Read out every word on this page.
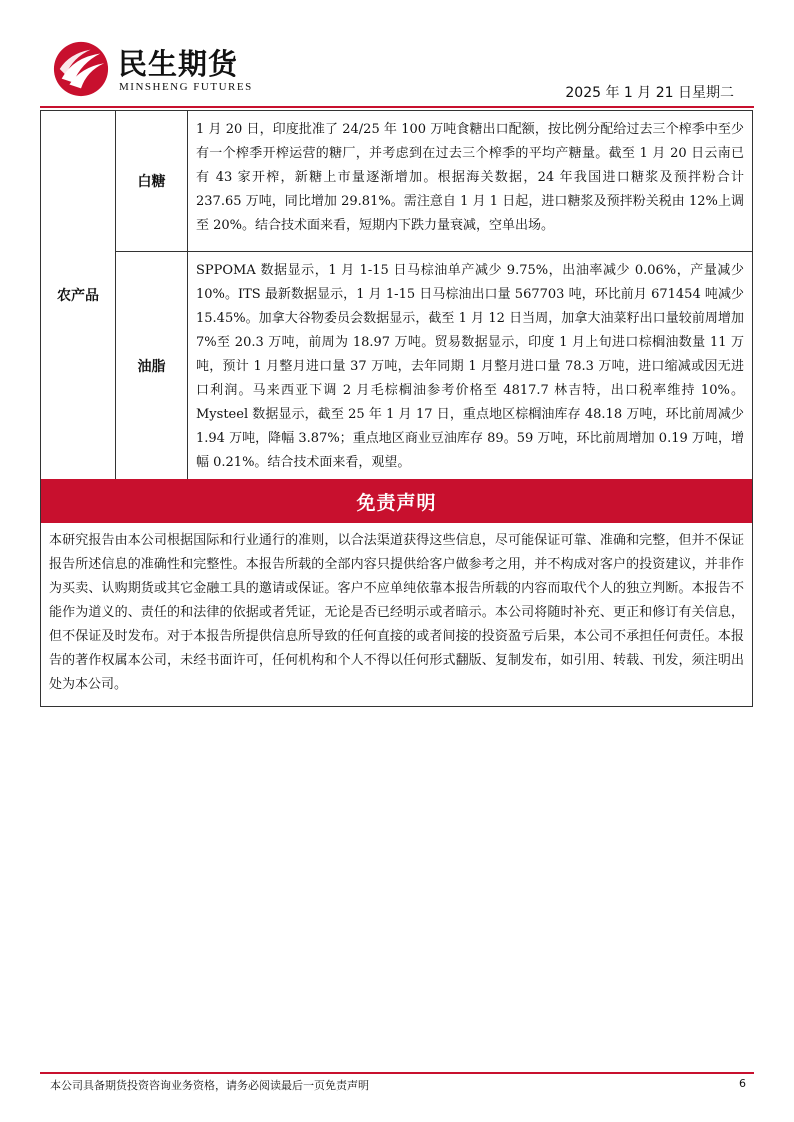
民生期货
MINSHENG FUTURES	2025 年 1 月 21 日星期二
农产品
白糖
1 月 20 日，印度批准了 24/25 年 100 万吨食糖出口配额，按比例分配给过去三个榨季中至少有一个榨季开榨运营的糖厂，并考虑到在过去三个榨季的平均产糖量。截至 1 月 20 日云南已有 43 家开榨，新糖上市量逐渐增加。根据海关数据，24 年我国进口糖浆及预拌粉合计 237.65 万吨，同比增加 29.81%。需注意自 1 月 1 日起，进口糖浆及预拌粉关税由 12%上调至 20%。结合技术面来看，短期内下跌力量衰减，空单出场。
油脂
SPPOMA 数据显示，1 月 1-15 日马棕油单产减少 9.75%，出油率减少 0.06%，产量减少 10%。ITS 最新数据显示，1 月 1-15 日马棕油出口量 567703 吨，环比前月 671454 吨减少 15.45%。加拿大谷物委员会数据显示，截至 1 月 12 日当周，加拿大油菜籽出口量较前周增加 7%至 20.3 万吨，前周为 18.97 万吨。贸易数据显示，印度 1 月上旬进口棕榈油数量 11 万吨，预计 1 月整月进口量 37 万吨，去年同期 1 月整月进口量 78.3 万吨，进口缩减或因无进口利润。马来西亚下调 2 月毛棕榈油参考价格至 4817.7 林吉特，出口税率维持 10%。Mysteel 数据显示，截至 25 年 1 月 17 日，重点地区棕榈油库存 48.18 万吨，环比前周减少 1.94 万吨，降幅 3.87%；重点地区商业豆油库存 89。59 万吨，环比前周增加 0.19 万吨，增幅 0.21%。结合技术面来看，观望。
免责声明
本研究报告由本公司根据国际和行业通行的准则，以合法渠道获得这些信息，尽可能保证可靠、准确和完整，但并不保证报告所述信息的准确性和完整性。本报告所载的全部内容只提供给客户做参考之用，并不构成对客户的投资建议，并非作为买卖、认购期货或其它金融工具的邀请或保证。客户不应单纯依靠本报告所载的内容而取代个人的独立判断。本报告不能作为道义的、责任的和法律的依据或者凭证，无论是否已经明示或者暗示。本公司将随时补充、更正和修订有关信息，但不保证及时发布。对于本报告所提供信息所导致的任何直接的或者间接的投资盈亏后果，本公司不承担任何责任。本报告的著作权属本公司，未经书面许可，任何机构和个人不得以任何形式翻版、复制发布，如引用、转载、刊发，须注明出处为本公司。
本公司具备期货投资咨询业务资格，请务必阅读最后一页免责声明	6
